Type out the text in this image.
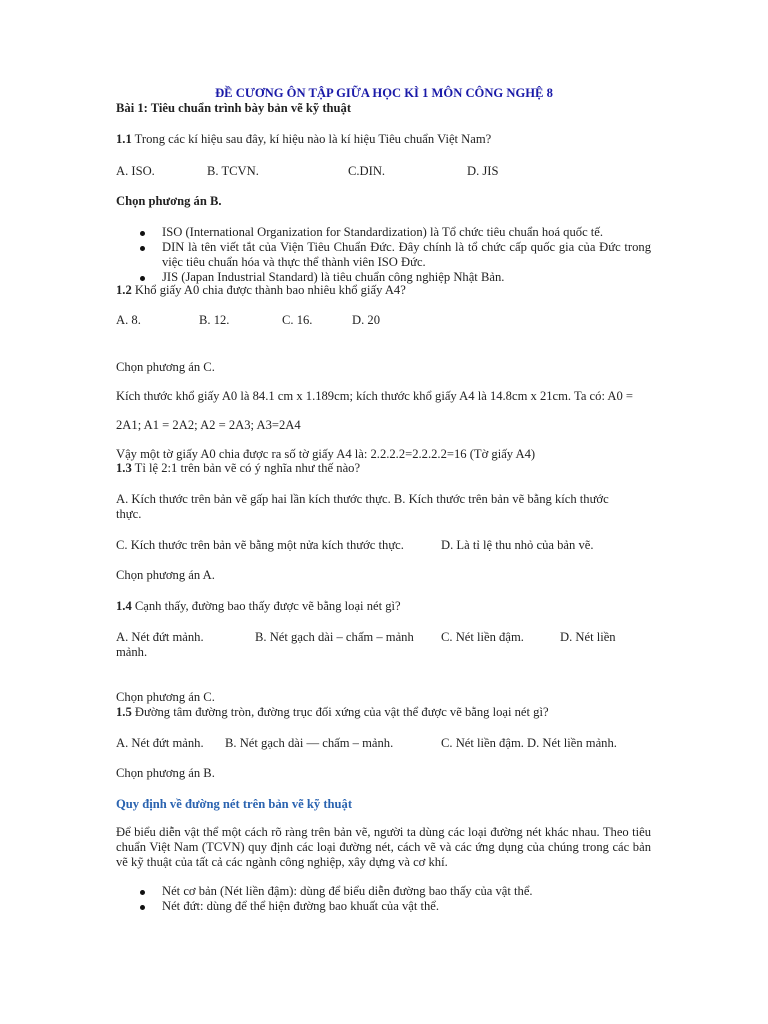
ĐỀ CƯƠNG ÔN TẬP GIỮA HỌC KÌ 1 MÔN CÔNG NGHỆ 8

Bài 1: Tiêu chuẩn trình bày bản vẽ kỹ thuật

1.1 Trong các kí hiệu sau đây, kí hiệu nào là kí hiệu Tiêu chuẩn Việt Nam?

A. ISO.	B. TCVN.	C.DIN.	D. JIS

Chọn phương án B.

ISO (International Organization for Standardization) là Tổ chức tiêu chuẩn hoá quốc tế.
DIN là tên viết tắt của Viện Tiêu Chuẩn Đức. Đây chính là tổ chức cấp quốc gia của Đức trong việc tiêu chuẩn hóa và thực thể thành viên ISO Đức.
JIS (Japan Industrial Standard) là tiêu chuẩn công nghiệp Nhật Bản.

1.2 Khổ giấy A0 chia được thành bao nhiêu khổ giấy A4?

A. 8.	B. 12.	C. 16.	D. 20

Chọn phương án C.

Kích thước khổ giấy A0 là 84.1 cm x 1.189cm; kích thước khổ giấy A4 là 14.8cm x 21cm. Ta có: A0 =

2A1; A1 = 2A2; A2 = 2A3; A3=2A4

Vậy một tờ giấy A0 chia được ra số tờ giấy A4 là: 2.2.2.2=2.2.2.2=16 (Tờ giấy A4)

1.3 Tỉ lệ 2:1 trên bản vẽ có ý nghĩa như thế nào?

A. Kích thước trên bản vẽ gấp hai lần kích thước thực. B. Kích thước trên bản vẽ bằng kích thước thực.

C. Kích thước trên bản vẽ bằng một nửa kích thước thực.	D. Là tỉ lệ thu nhỏ của bản vẽ.

Chọn phương án A.

1.4 Cạnh thấy, đường bao thấy được vẽ bằng loại nét gì?

A. Nét đứt mảnh.	B. Nét gạch dài – chấm – mảnh C. Nét liền đậm.	D. Nét liền
mảnh.

Chọn phương án C.

1.5 Đường tâm đường tròn, đường trục đối xứng của vật thể được vẽ bằng loại nét gì?

A. Nét đứt mảnh. B. Nét gạch dài — chấm – mảnh.	C. Nét liền đậm. D. Nét liền mảnh.

Chọn phương án B.

Quy định về đường nét trên bản vẽ kỹ thuật

Để biểu diễn vật thể một cách rõ ràng trên bản vẽ, người ta dùng các loại đường nét khác nhau. Theo tiêu chuẩn Việt Nam (TCVN) quy định các loại đường nét, cách vẽ và các ứng dụng của chúng trong các bản vẽ kỹ thuật của tất cả các ngành công nghiệp, xây dựng và cơ khí.

Nét cơ bản (Nét liền đậm): dùng để biểu diễn đường bao thấy của vật thể.
Nét đứt: dùng để thể hiện đường bao khuất của vật thể.
